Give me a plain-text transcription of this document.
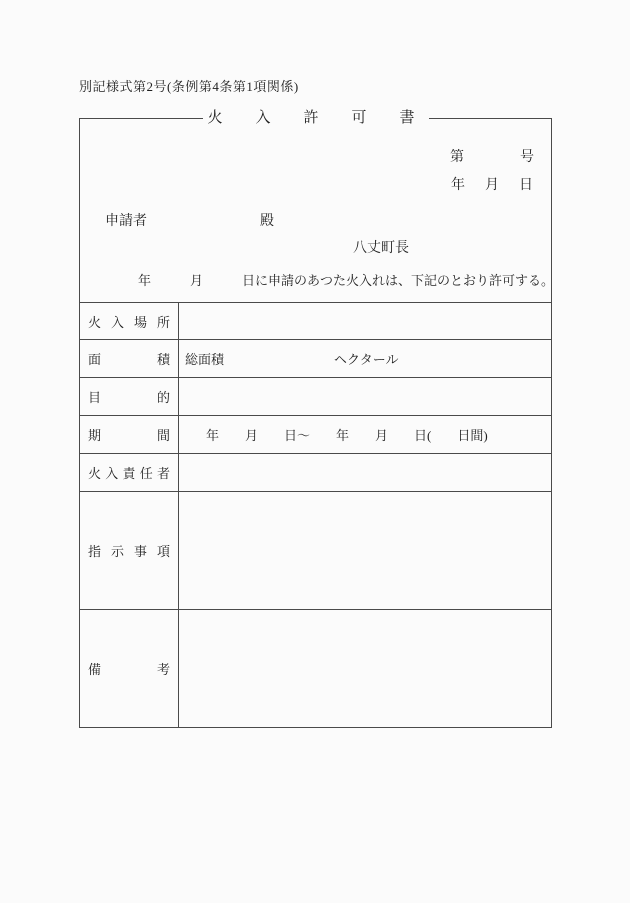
別記様式第2号(条例第4条第1項関係)
火　入　許　可　書
第　　　　号
年　月　日
申請者	殿
八丈町長
年　　　月　　　日に申請のあつた火入れは、下記のとおり許可する。
火入場所
面積 総面積	ヘクタール
目的
期間	年　　月　　日～　　年　　月　　日(　　日間)
火入責任者
指示事項
備考
